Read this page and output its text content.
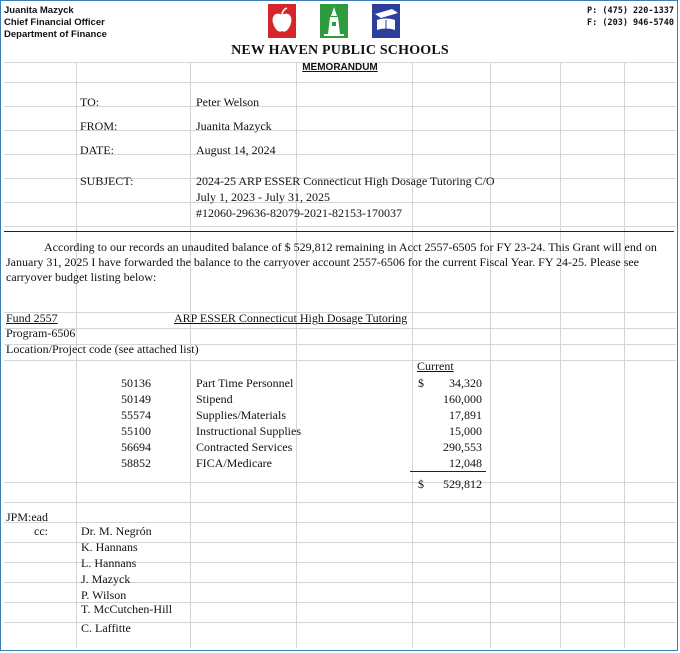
Juanita Mazyck
Chief Financial Officer
Department of Finance
P: (475) 220-1337
F: (203) 946-5740
NEW HAVEN PUBLIC SCHOOLS
MEMORANDUM
TO:	Peter Welson
FROM:	Juanita Mazyck
DATE:	August 14, 2024
SUBJECT:	2024-25 ARP ESSER Connecticut High Dosage Tutoring C/O
July 1, 2023 - July 31, 2025
#12060-29636-82079-2021-82153-170037
According to our records an unaudited balance of $ 529,812 remaining in Acct 2557-6505 for FY 23-24. This Grant will end on January 31, 2025 I have forwarded the balance to the carryover account 2557-6506 for the current Fiscal Year. FY 24-25. Please see carryover budget listing below:
Fund 2557	ARP ESSER Connecticut High Dosage Tutoring
Program-6506
Location/Project code (see attached list)
Current
50136	Part Time Personnel	$	34,320
50149	Stipend	160,000
55574	Supplies/Materials	17,891
55100	Instructional Supplies	15,000
56694	Contracted Services	290,553
58852	FICA/Medicare	12,048
$	529,812
JPM:ead
cc:	Dr. M. Negrón
K. Hannans
L. Hannans
J. Mazyck
P. Wilson
T. McCutchen-Hill
C. Laffitte
